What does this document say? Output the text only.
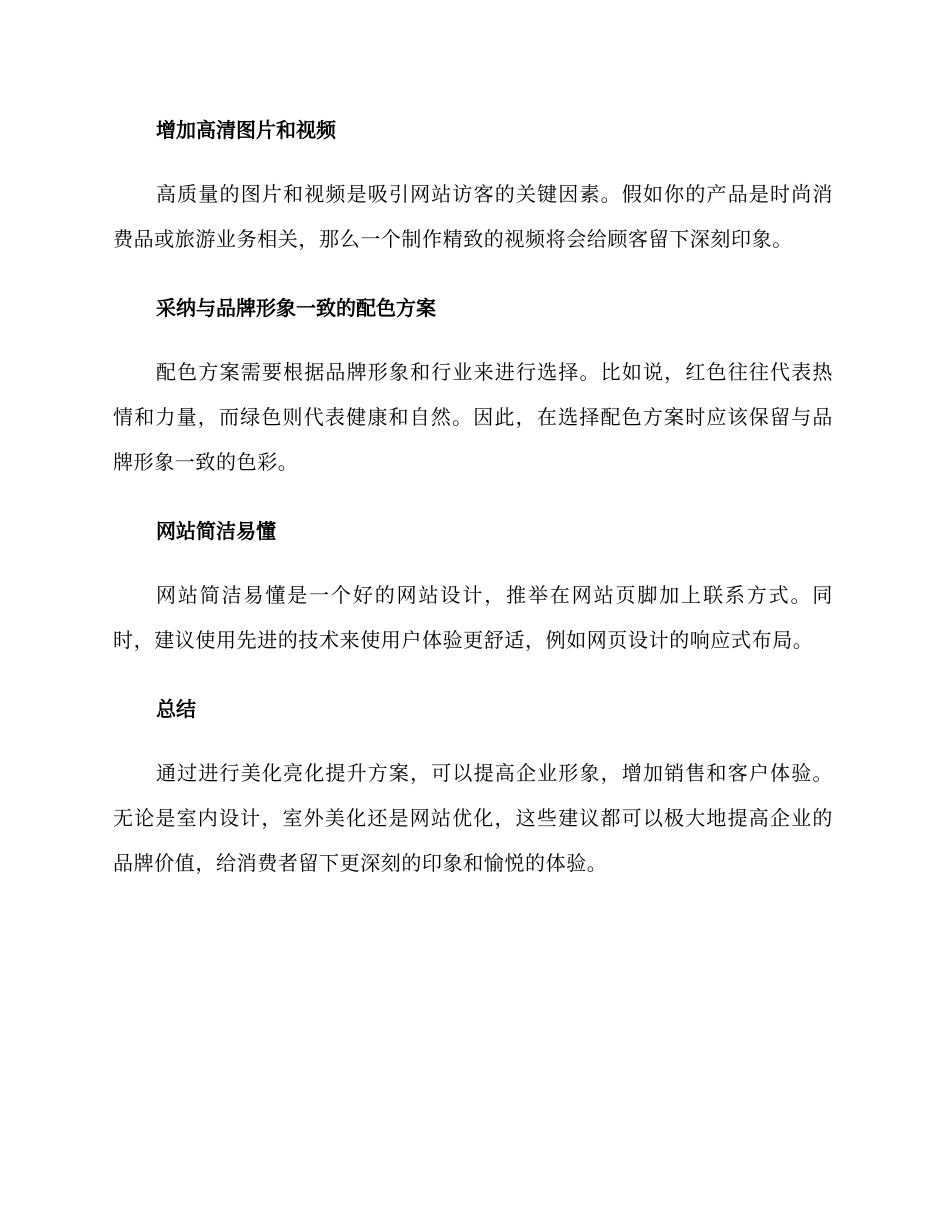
增加高清图片和视频

高质量的图片和视频是吸引网站访客的关键因素。假如你的产品是时尚消费品或旅游业务相关，那么一个制作精致的视频将会给顾客留下深刻印象。

采纳与品牌形象一致的配色方案

配色方案需要根据品牌形象和行业来进行选择。比如说，红色往往代表热情和力量，而绿色则代表健康和自然。因此，在选择配色方案时应该保留与品牌形象一致的色彩。

网站简洁易懂

网站简洁易懂是一个好的网站设计，推举在网站页脚加上联系方式。同时，建议使用先进的技术来使用户体验更舒适，例如网页设计的响应式布局。

总结

通过进行美化亮化提升方案，可以提高企业形象，增加销售和客户体验。无论是室内设计，室外美化还是网站优化，这些建议都可以极大地提高企业的品牌价值，给消费者留下更深刻的印象和愉悦的体验。
